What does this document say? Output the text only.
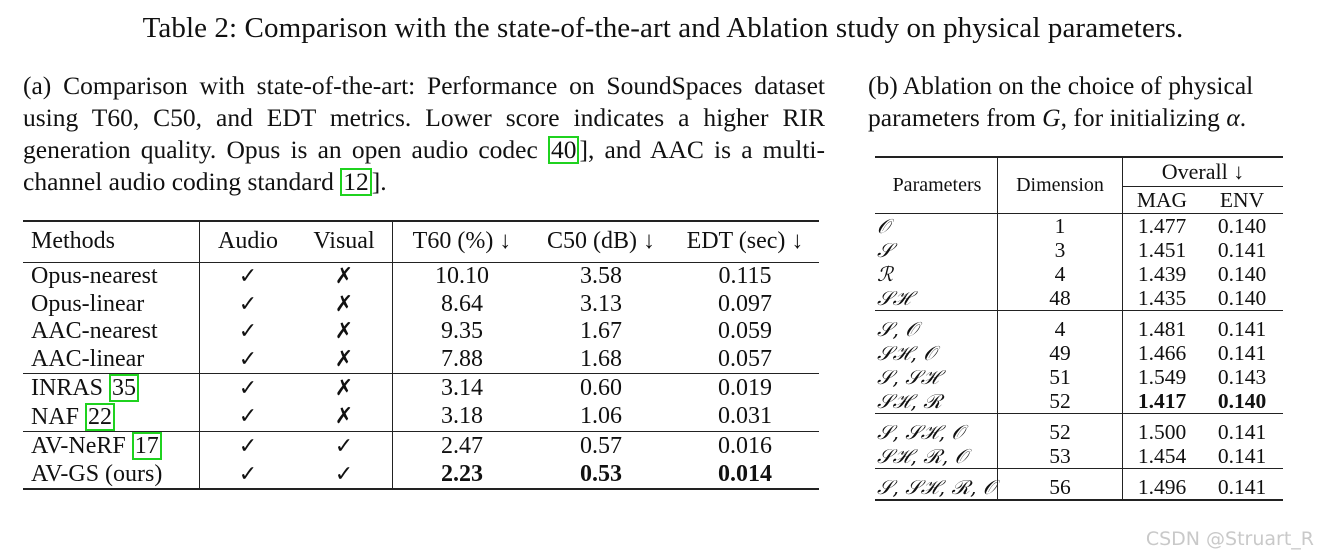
Table 2: Comparison with the state-of-the-art and Ablation study on physical parameters.
(a) Comparison with state-of-the-art: Performance on SoundSpaces dataset using T60, C50, and EDT metrics. Lower score indicates a higher RIR generation quality. Opus is an open audio codec 40 ], and AAC is a multi-channel audio coding standard 12 ].
Methods	Audio	Visual	T60 (%) ↓	C50 (dB) ↓	EDT (sec) ↓
Opus-nearest	✓	✗	10.10	3.58	0.115
Opus-linear	✓	✗	8.64	3.13	0.097
AAC-nearest	✓	✗	9.35	1.67	0.059
AAC-linear	✓	✗	7.88	1.68	0.057
INRAS 35	✓	✗	3.14	0.60	0.019
NAF 22	✓	✗	3.18	1.06	0.031
AV-NeRF 17	✓	✓	2.47	0.57	0.016
AV-GS (ours)	✓	✓	2.23	0.53	0.014
(b) Ablation on the choice of physical
parameters from G, for initializing α.
Parameters	Dimension	Overall ↓	
		MAG	ENV
𝒪	1	1.477	0.140
𝒮	3	1.451	0.141
ℛ	4	1.439	0.140
𝒮ℋ	48	1.435	0.140
𝒮, 𝒪	4	1.481	0.141
𝒮ℋ, 𝒪	49	1.466	0.141
𝒮, 𝒮ℋ	51	1.549	0.143
𝒮ℋ, ℛ	52	1.417	0.140
𝒮, 𝒮ℋ, 𝒪	52	1.500	0.141
𝒮ℋ, ℛ, 𝒪	53	1.454	0.141
𝒮, 𝒮ℋ, ℛ, 𝒪	56	1.496	0.141
CSDN @Struart_R
